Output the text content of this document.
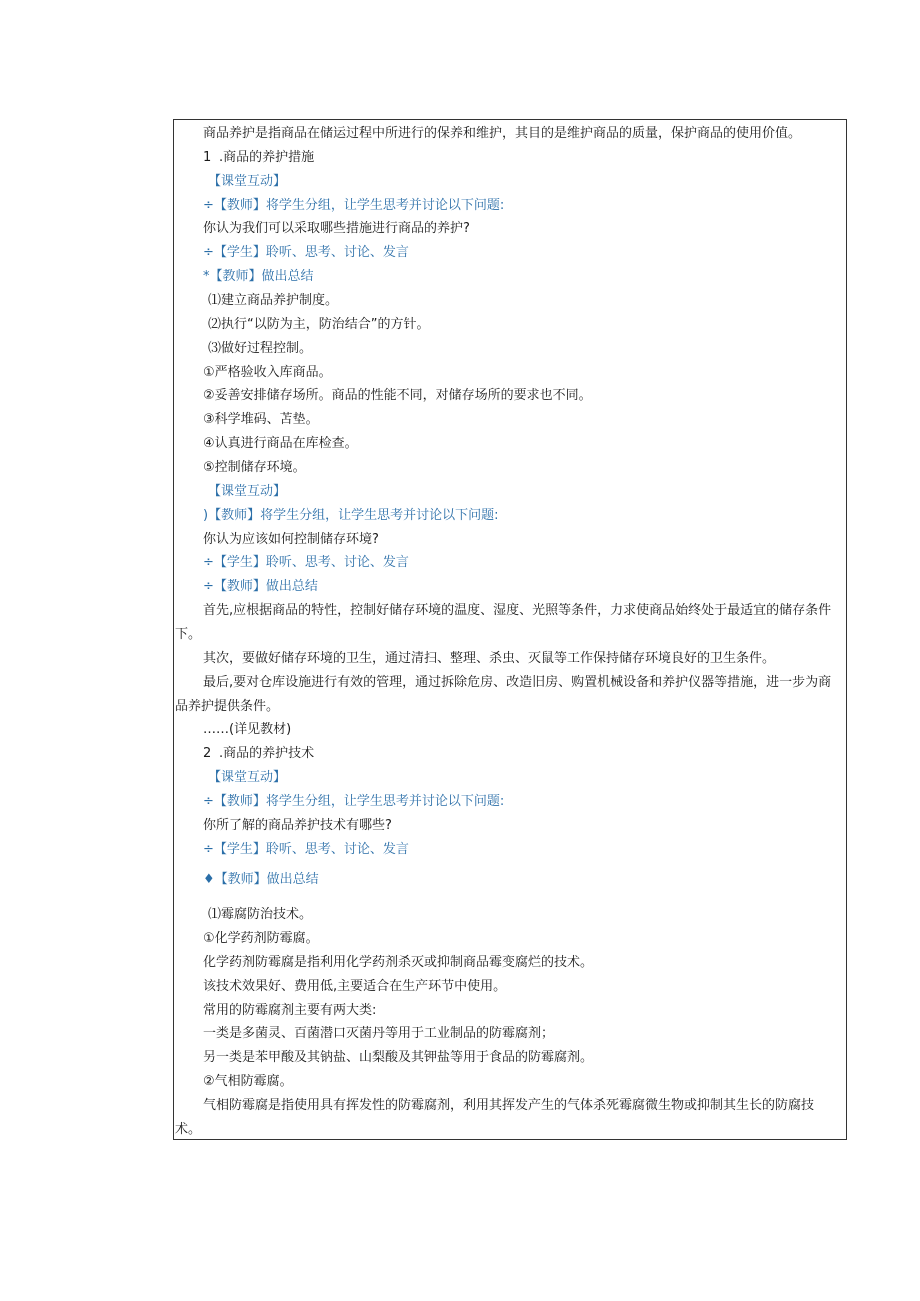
商品养护是指商品在储运过程中所进行的保养和维护，其目的是维护商品的质量，保护商品的使用价值。
1 .商品的养护措施
【课堂互动】
÷【教师】将学生分组，让学生思考并讨论以下问题:
你认为我们可以采取哪些措施进行商品的养护?
÷【学生】聆听、思考、讨论、发言
*【教师】做出总结
⑴建立商品养护制度。
⑵执行“以防为主，防治结合”的方针。
⑶做好过程控制。
①严格验收入库商品。
②妥善安排储存场所。商品的性能不同，对储存场所的要求也不同。
③科学堆码、苫垫。
④认真进行商品在库检查。
⑤控制储存环境。
【课堂互动】
)【教师】将学生分组，让学生思考并讨论以下问题:
你认为应该如何控制储存环境?
÷【学生】聆听、思考、讨论、发言
÷【教师】做出总结
首先,应根据商品的特性，控制好储存环境的温度、湿度、光照等条件，力求使商品始终处于最适宜的储存条件
下。
其次，要做好储存环境的卫生，通过清扫、整理、杀虫、灭鼠等工作保持储存环境良好的卫生条件。
最后,要对仓库设施进行有效的管理，通过拆除危房、改造旧房、购置机械设备和养护仪器等措施，进一步为商
品养护提供条件。
……(详见教材)
2 .商品的养护技术
【课堂互动】
÷【教师】将学生分组，让学生思考并讨论以下问题:
你所了解的商品养护技术有哪些?
÷【学生】聆听、思考、讨论、发言
♦【教师】做出总结
⑴霉腐防治技术。
①化学药剂防霉腐。
化学药剂防霉腐是指利用化学药剂杀灭或抑制商品霉变腐烂的技术。
该技术效果好、费用低,主要适合在生产环节中使用。
常用的防霉腐剂主要有两大类:
一类是多菌灵、百菌潜口灭菌丹等用于工业制品的防霉腐剂；
另一类是苯甲酸及其钠盐、山梨酸及其钾盐等用于食品的防霉腐剂。
②气相防霉腐。
气相防霉腐是指使用具有挥发性的防霉腐剂，利用其挥发产生的气体杀死霉腐微生物或抑制其生长的防腐技
术。
